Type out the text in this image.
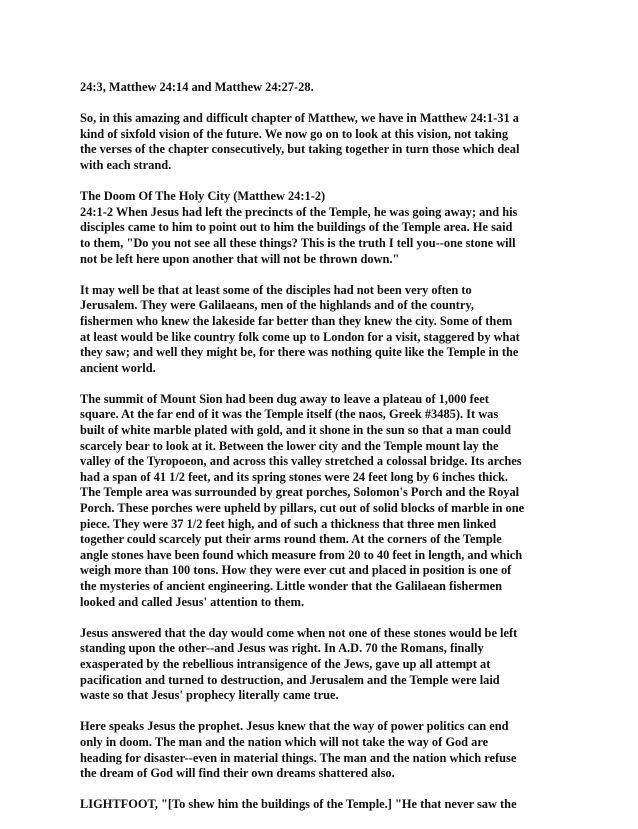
24:3, Matthew 24:14 and Matthew 24:27-28.

So, in this amazing and difficult chapter of Matthew, we have in Matthew 24:1-31 a
kind of sixfold vision of the future. We now go on to look at this vision, not taking
the verses of the chapter consecutively, but taking together in turn those which deal
with each strand.

The Doom Of The Holy City (Matthew 24:1-2)
24:1-2 When Jesus had left the precincts of the Temple, he was going away; and his
disciples came to him to point out to him the buildings of the Temple area. He said
to them, "Do you not see all these things? This is the truth I tell you--one stone will
not be left here upon another that will not be thrown down."

It may well be that at least some of the disciples had not been very often to
Jerusalem. They were Galilaeans, men of the highlands and of the country,
fishermen who knew the lakeside far better than they knew the city. Some of them
at least would be like country folk come up to London for a visit, staggered by what
they saw; and well they might be, for there was nothing quite like the Temple in the
ancient world.

The summit of Mount Sion had been dug away to leave a plateau of 1,000 feet
square. At the far end of it was the Temple itself (the naos, Greek #3485). It was
built of white marble plated with gold, and it shone in the sun so that a man could
scarcely bear to look at it. Between the lower city and the Temple mount lay the
valley of the Tyropoeon, and across this valley stretched a colossal bridge. Its arches
had a span of 41 1/2 feet, and its spring stones were 24 feet long by 6 inches thick.
The Temple area was surrounded by great porches, Solomon's Porch and the Royal
Porch. These porches were upheld by pillars, cut out of solid blocks of marble in one
piece. They were 37 1/2 feet high, and of such a thickness that three men linked
together could scarcely put their arms round them. At the corners of the Temple
angle stones have been found which measure from 20 to 40 feet in length, and which
weigh more than 100 tons. How they were ever cut and placed in position is one of
the mysteries of ancient engineering. Little wonder that the Galilaean fishermen
looked and called Jesus' attention to them.

Jesus answered that the day would come when not one of these stones would be left
standing upon the other--and Jesus was right. In A.D. 70 the Romans, finally
exasperated by the rebellious intransigence of the Jews, gave up all attempt at
pacification and turned to destruction, and Jerusalem and the Temple were laid
waste so that Jesus' prophecy literally came true.

Here speaks Jesus the prophet. Jesus knew that the way of power politics can end
only in doom. The man and the nation which will not take the way of God are
heading for disaster--even in material things. The man and the nation which refuse
the dream of God will find their own dreams shattered also.

LIGHTFOOT, "[To shew him the buildings of the Temple.] "He that never saw the
